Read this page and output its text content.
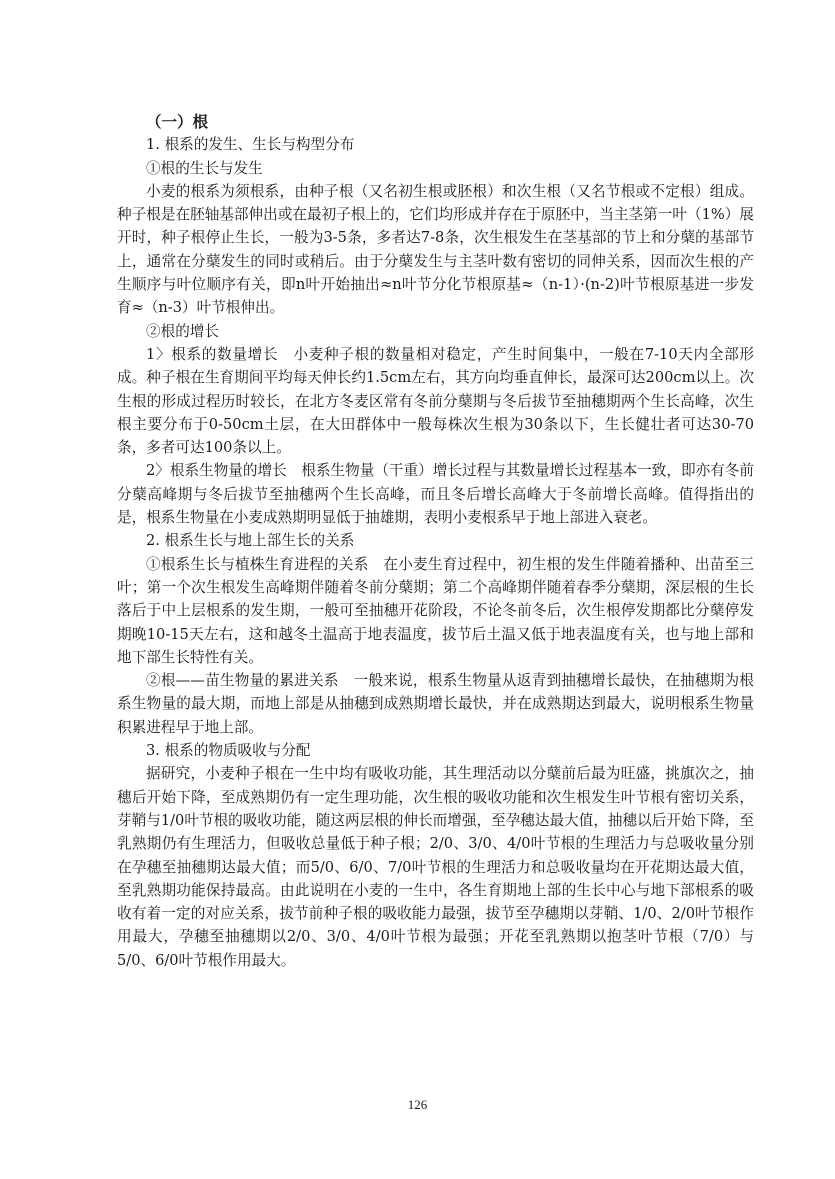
（一）根

1. 根系的发生、生长与构型分布

①根的生长与发生

小麦的根系为须根系，由种子根（又名初生根或胚根）和次生根（又名节根或不定根）组成。种子根是在胚轴基部伸出或在最初子根上的，它们均形成并存在于原胚中，当主茎第一叶（1%）展开时，种子根停止生长，一般为3-5条，多者达7-8条，次生根发生在茎基部的节上和分蘖的基部节上，通常在分蘖发生的同时或稍后。由于分蘖发生与主茎叶数有密切的同伸关系，因而次生根的产生顺序与叶位顺序有关，即n叶开始抽出≈n叶节分化节根原基≈（n-1）·(n-2)叶节根原基进一步发育≈（n-3）叶节根伸出。

②根的增长

1〉根系的数量增长　小麦种子根的数量相对稳定，产生时间集中，一般在7-10天内全部形成。种子根在生育期间平均每天伸长约1.5cm左右，其方向均垂直伸长，最深可达200cm以上。次生根的形成过程历时较长，在北方冬麦区常有冬前分蘖期与冬后拔节至抽穗期两个生长高峰，次生根主要分布于0-50cm土层，在大田群体中一般每株次生根为30条以下，生长健壮者可达30-70条，多者可达100条以上。

2〉根系生物量的增长　根系生物量（干重）增长过程与其数量增长过程基本一致，即亦有冬前分蘖高峰期与冬后拔节至抽穗两个生长高峰，而且冬后增长高峰大于冬前增长高峰。值得指出的是，根系生物量在小麦成熟期明显低于抽雄期，表明小麦根系早于地上部进入衰老。

2. 根系生长与地上部生长的关系

①根系生长与植株生育进程的关系　在小麦生育过程中，初生根的发生伴随着播种、出苗至三叶；第一个次生根发生高峰期伴随着冬前分蘖期；第二个高峰期伴随着春季分蘖期，深层根的生长落后于中上层根系的发生期，一般可至抽穗开花阶段，不论冬前冬后，次生根停发期都比分蘖停发期晚10-15天左右，这和越冬土温高于地表温度，拔节后土温又低于地表温度有关，也与地上部和地下部生长特性有关。

②根——苗生物量的累进关系　一般来说，根系生物量从返青到抽穗增长最快，在抽穗期为根系生物量的最大期，而地上部是从抽穗到成熟期增长最快，并在成熟期达到最大，说明根系生物量积累进程早于地上部。

3. 根系的物质吸收与分配

据研究，小麦种子根在一生中均有吸收功能，其生理活动以分蘖前后最为旺盛，挑旗次之，抽穗后开始下降，至成熟期仍有一定生理功能，次生根的吸收功能和次生根发生叶节根有密切关系，芽鞘与1/0叶节根的吸收功能，随这两层根的伸长而增强，至孕穗达最大值，抽穗以后开始下降，至乳熟期仍有生理活力，但吸收总量低于种子根；2/0、3/0、4/0叶节根的生理活力与总吸收量分别在孕穗至抽穗期达最大值；而5/0、6/0、7/0叶节根的生理活力和总吸收量均在开花期达最大值，至乳熟期功能保持最高。由此说明在小麦的一生中，各生育期地上部的生长中心与地下部根系的吸收有着一定的对应关系，拔节前种子根的吸收能力最强，拔节至孕穗期以芽鞘、1/0、2/0叶节根作用最大，孕穗至抽穗期以2/0、3/0、4/0叶节根为最强；开花至乳熟期以抱茎叶节根（7/0）与5/0、6/0叶节根作用最大。

126
